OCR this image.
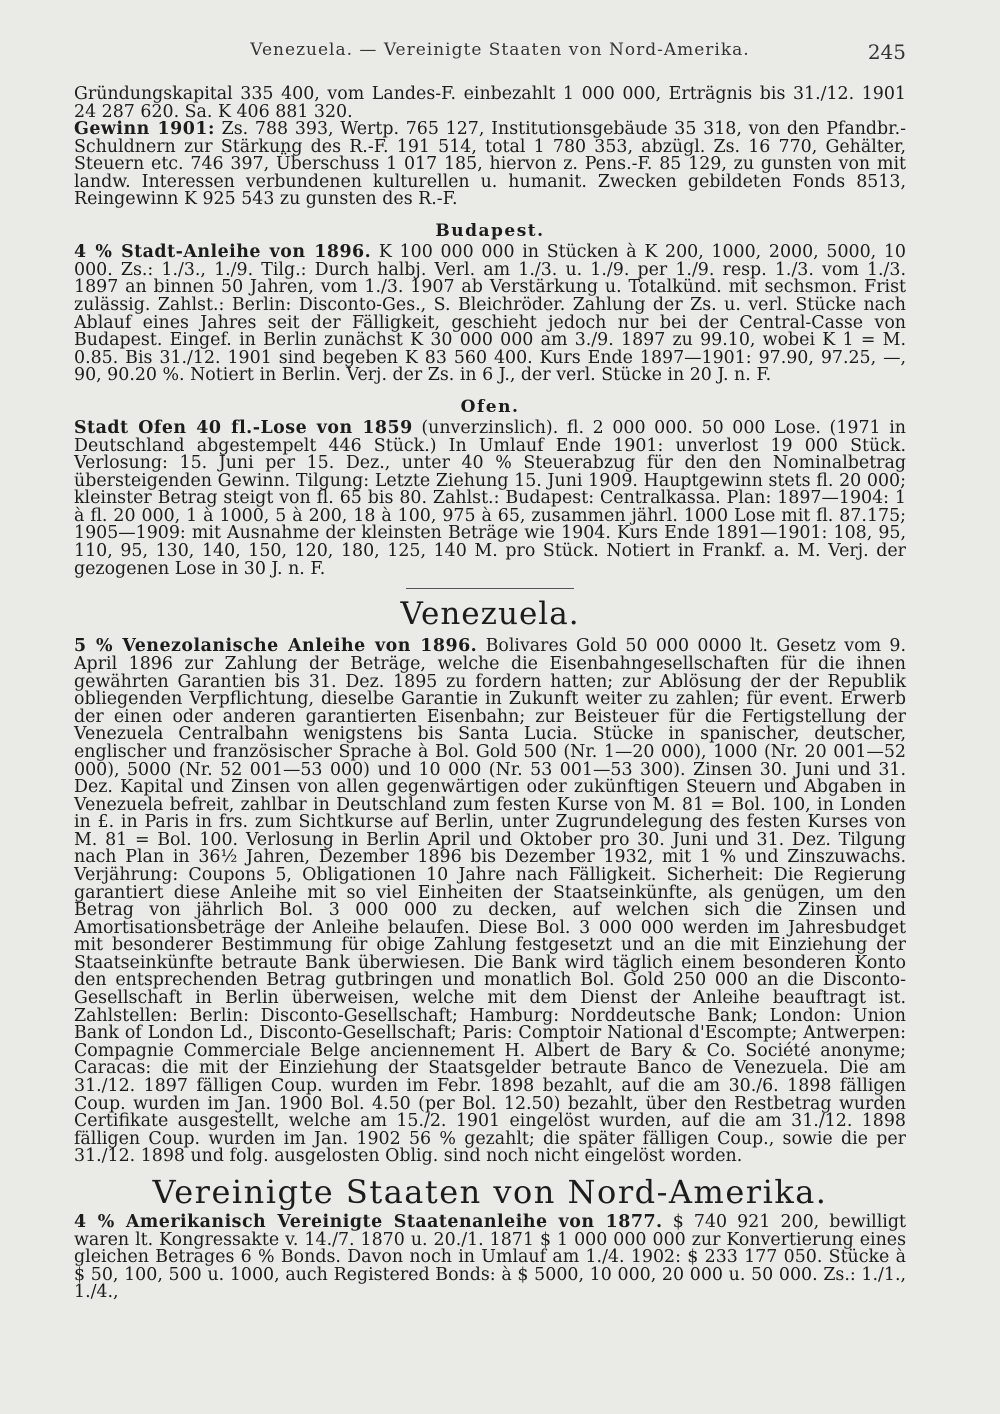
Venezuela. — Vereinigte Staaten von Nord-Amerika.	245

Gründungskapital 335 400, vom Landes-F. einbezahlt 1 000 000, Erträgnis bis 31./12. 1901 24 287 620. Sa. K 406 881 320.

Gewinn 1901: Zs. 788 393, Wertp. 765 127, Institutionsgebäude 35 318, von den Pfandbr.-Schuldnern zur Stärkung des R.-F. 191 514, total 1 780 353, abzügl. Zs. 16 770, Gehälter, Steuern etc. 746 397, Überschuss 1 017 185, hiervon z. Pens.-F. 85 129, zu gunsten von mit landw. Interessen verbundenen kulturellen u. humanit. Zwecken gebildeten Fonds 8513, Reingewinn K 925 543 zu gunsten des R.-F.

Budapest.

4 % Stadt-Anleihe von 1896. K 100 000 000 in Stücken à K 200, 1000, 2000, 5000, 10 000. Zs.: 1./3., 1./9. Tilg.: Durch halbj. Verl. am 1./3. u. 1./9. per 1./9. resp. 1./3. vom 1./3. 1897 an binnen 50 Jahren, vom 1./3. 1907 ab Verstärkung u. Totalkünd. mit sechsmon. Frist zulässig. Zahlst.: Berlin: Disconto-Ges., S. Bleichröder. Zahlung der Zs. u. verl. Stücke nach Ablauf eines Jahres seit der Fälligkeit, geschieht jedoch nur bei der Central-Casse von Budapest. Eingef. in Berlin zunächst K 30 000 000 am 3./9. 1897 zu 99.10, wobei K 1 = M. 0.85. Bis 31./12. 1901 sind begeben K 83 560 400. Kurs Ende 1897—1901: 97.90, 97.25, —, 90, 90.20 %. Notiert in Berlin. Verj. der Zs. in 6 J., der verl. Stücke in 20 J. n. F.

Ofen.

Stadt Ofen 40 fl.-Lose von 1859 (unverzinslich). fl. 2 000 000. 50 000 Lose. (1971 in Deutschland abgestempelt 446 Stück.) In Umlauf Ende 1901: unverlost 19 000 Stück. Verlosung: 15. Juni per 15. Dez., unter 40 % Steuerabzug für den den Nominalbetrag übersteigenden Gewinn. Tilgung: Letzte Ziehung 15. Juni 1909. Hauptgewinn stets fl. 20 000; kleinster Betrag steigt von fl. 65 bis 80. Zahlst.: Budapest: Centralkassa. Plan: 1897—1904: 1 à fl. 20 000, 1 à 1000, 5 à 200, 18 à 100, 975 à 65, zusammen jährl. 1000 Lose mit fl. 87.175; 1905—1909: mit Ausnahme der kleinsten Beträge wie 1904. Kurs Ende 1891—1901: 108, 95, 110, 95, 130, 140, 150, 120, 180, 125, 140 M. pro Stück. Notiert in Frankf. a. M. Verj. der gezogenen Lose in 30 J. n. F.

Venezuela.

5 % Venezolanische Anleihe von 1896. Bolivares Gold 50 000 0000 lt. Gesetz vom 9. April 1896 zur Zahlung der Beträge, welche die Eisenbahngesellschaften für die ihnen gewährten Garantien bis 31. Dez. 1895 zu fordern hatten; zur Ablösung der der Republik obliegenden Verpflichtung, dieselbe Garantie in Zukunft weiter zu zahlen; für event. Erwerb der einen oder anderen garantierten Eisenbahn; zur Beisteuer für die Fertigstellung der Venezuela Centralbahn wenigstens bis Santa Lucia. Stücke in spanischer, deutscher, englischer und französischer Sprache à Bol. Gold 500 (Nr. 1—20 000), 1000 (Nr. 20 001—52 000), 5000 (Nr. 52 001—53 000) und 10 000 (Nr. 53 001—53 300). Zinsen 30. Juni und 31. Dez. Kapital und Zinsen von allen gegenwärtigen oder zukünftigen Steuern und Abgaben in Venezuela befreit, zahlbar in Deutschland zum festen Kurse von M. 81 = Bol. 100, in Londen in £. in Paris in frs. zum Sichtkurse auf Berlin, unter Zugrundelegung des festen Kurses von M. 81 = Bol. 100. Verlosung in Berlin April und Oktober pro 30. Juni und 31. Dez. Tilgung nach Plan in 36½ Jahren, Dezember 1896 bis Dezember 1932, mit 1 % und Zinszuwachs. Verjährung: Coupons 5, Obligationen 10 Jahre nach Fälligkeit. Sicherheit: Die Regierung garantiert diese Anleihe mit so viel Einheiten der Staatseinkünfte, als genügen, um den Betrag von jährlich Bol. 3 000 000 zu decken, auf welchen sich die Zinsen und Amortisationsbeträge der Anleihe belaufen. Diese Bol. 3 000 000 werden im Jahresbudget mit besonderer Bestimmung für obige Zahlung festgesetzt und an die mit Einziehung der Staatseinkünfte betraute Bank überwiesen. Die Bank wird täglich einem besonderen Konto den entsprechenden Betrag gutbringen und monatlich Bol. Gold 250 000 an die Disconto-Gesellschaft in Berlin überweisen, welche mit dem Dienst der Anleihe beauftragt ist. Zahlstellen: Berlin: Disconto-Gesellschaft; Hamburg: Norddeutsche Bank; London: Union Bank of London Ld., Disconto-Gesellschaft; Paris: Comptoir National d'Escompte; Antwerpen: Compagnie Commerciale Belge anciennement H. Albert de Bary & Co. Société anonyme; Caracas: die mit der Einziehung der Staatsgelder betraute Banco de Venezuela. Die am 31./12. 1897 fälligen Coup. wurden im Febr. 1898 bezahlt, auf die am 30./6. 1898 fälligen Coup. wurden im Jan. 1900 Bol. 4.50 (per Bol. 12.50) bezahlt, über den Restbetrag wurden Certifikate ausgestellt, welche am 15./2. 1901 eingelöst wurden, auf die am 31./12. 1898 fälligen Coup. wurden im Jan. 1902 56 % gezahlt; die später fälligen Coup., sowie die per 31./12. 1898 und folg. ausgelosten Oblig. sind noch nicht eingelöst worden.

Vereinigte Staaten von Nord-Amerika.

4 % Amerikanisch Vereinigte Staatenanleihe von 1877. $ 740 921 200, bewilligt waren lt. Kongressakte v. 14./7. 1870 u. 20./1. 1871 $ 1 000 000 000 zur Konvertierung eines gleichen Betrages 6 % Bonds. Davon noch in Umlauf am 1./4. 1902: $ 233 177 050. Stücke à $ 50, 100, 500 u. 1000, auch Registered Bonds: à $ 5000, 10 000, 20 000 u. 50 000. Zs.: 1./1., 1./4.,
